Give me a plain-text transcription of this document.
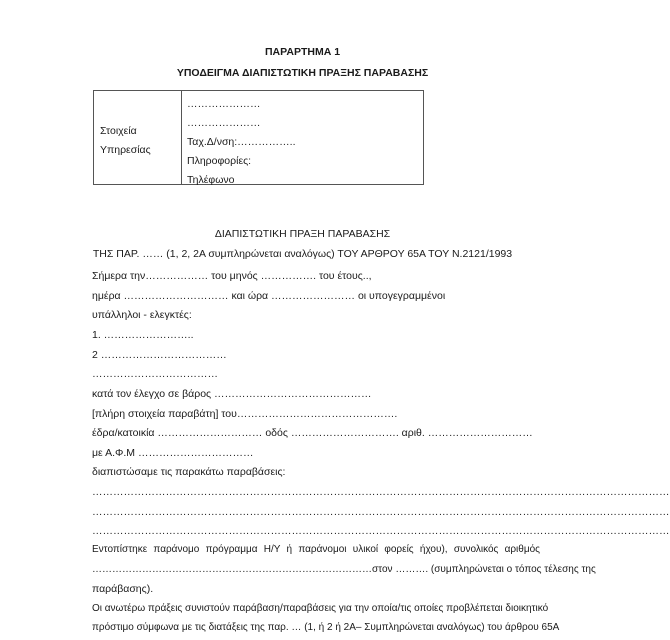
ΠΑΡΑΡΤΗΜΑ 1
ΥΠΟΔΕΙΓΜΑ ΔΙΑΠΙΣΤΩΤΙΚΗ ΠΡΑΞΗΣ ΠΑΡΑΒΑΣΗΣ
Στοιχεία
Υπηρεσίας
…………………
…………………
Ταχ.Δ/νση:……………..
Πληροφορίες:
Τηλέφωνο
ΔΙΑΠΙΣΤΩΤΙΚΗ ΠΡΑΞΗ ΠΑΡΑΒΑΣΗΣ
ΤΗΣ ΠΑΡ. …… (1, 2, 2Α συμπληρώνεται αναλόγως) ΤΟΥ ΑΡΘΡΟΥ 65Α ΤΟΥ Ν.2121/1993
Σήμερα την……………… του μηνός ……………. του έτους..,
ημέρα ………………………… και ώρα …………………… οι υπογεγραμμένοι
υπάλληλοι - ελεγκτές:
1. ……………………..
2 ………………………………
………………………………
κατά τον έλεγχο σε βάρος ………………………………………
[πλήρη στοιχεία παραβάτη] του……………………………………….
έδρα/κατοικία ………………………… οδός …………………………. αριθ. …………………………
με Α.Φ.Μ ……………………………
διαπιστώσαμε τις παρακάτω παραβάσεις:
…………………………………………………………………………………………………………………………………………………
…………………………………………………………………………………………………………………………………………………
…………………………………………………………………………………………………………………………………………………
Εντοπίστηκε παράνομο πρόγραμμα Η/Υ ή παράνομοι υλικοί φορείς ήχου), συνολικός αριθμός
…………………………………………………………………………στον ………. (συμπληρώνεται ο τόπος τέλεσης της
παράβασης).
Οι ανωτέρω πράξεις συνιστούν παράβαση/παραβάσεις για την οποία/τις οποίες προβλέπεται διοικητικό
πρόστιμο σύμφωνα με τις διατάξεις της παρ. … (1, ή 2 ή 2Α– Συμπληρώνεται αναλόγως) του άρθρου 65Α
